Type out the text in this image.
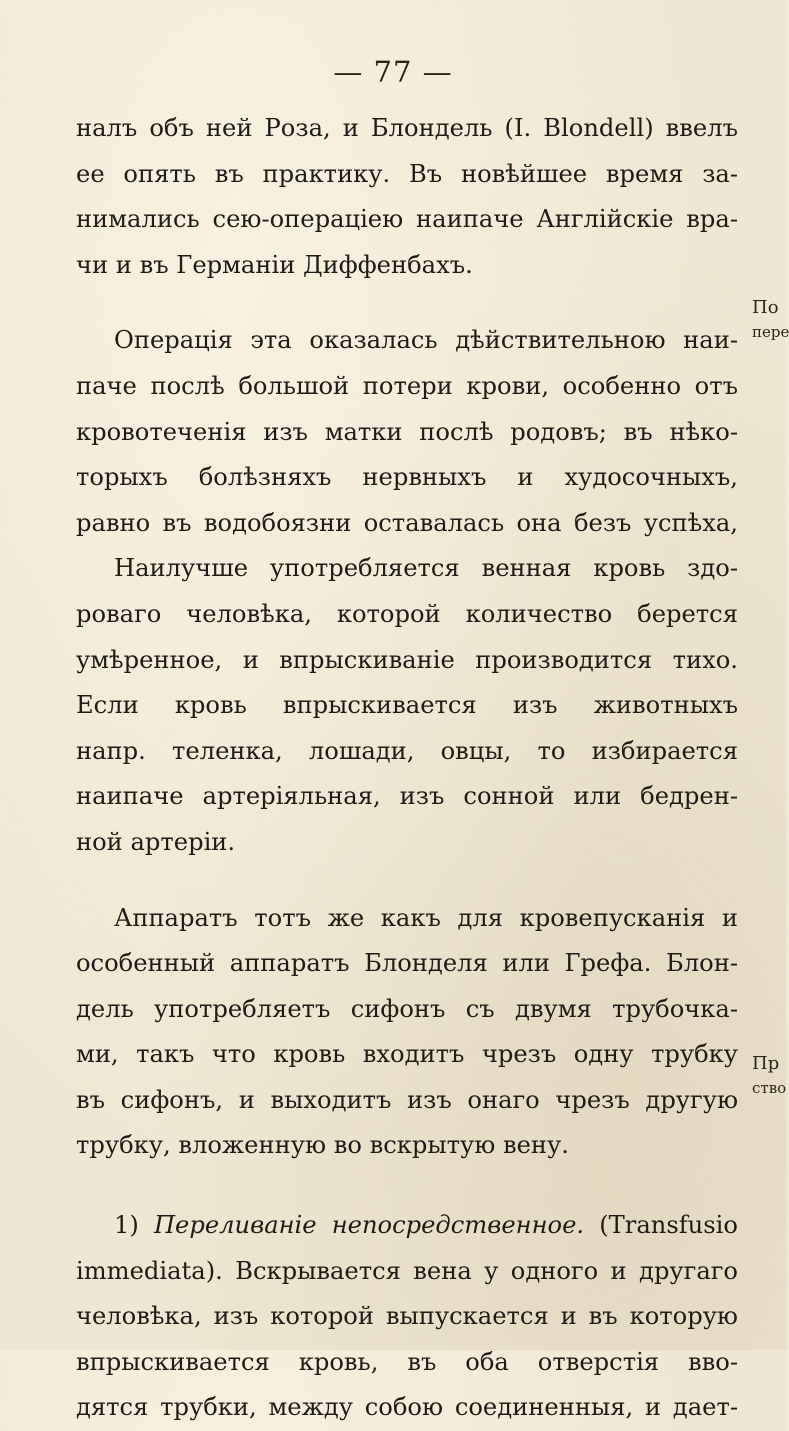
— 77 —

налъ объ ней Роза, и Блондель (I. Blondell) ввелъ
ее опять въ практику. Въ новѣйшее время за-
нимались сею-операціею наипаче Англійскіе вра-
чи и въ Германіи Диффенбахъ.

Операція эта оказалась дѣйствительною наи-
паче послѣ большой потери крови, особенно отъ
кровотеченія изъ матки послѣ родовъ; въ нѣко-
торыхъ болѣзняхъ нервныхъ и худосочныхъ,
равно въ водобоязни оставалась она безъ успѣха,

Наилучше употребляется венная кровь здо-
роваго человѣка, которой количество берется
умѣренное, и впрыскиваніе производится тихо.
Если кровь впрыскивается изъ животныхъ
напр. теленка, лошади, овцы, то избирается
наипаче артеріяльная, изъ сонной или бедрен-
ной артеріи.

Аппаратъ тотъ же какъ для кровепусканія и
особенный аппаратъ Блонделя или Грефа. Блон-
дель употребляетъ сифонъ съ двумя трубочка-
ми, такъ что кровь входитъ чрезъ одну трубку
въ сифонъ, и выходитъ изъ онаго чрезъ другую
трубку, вложенную во вскрытую вену.

1) Переливаніе непосредственное. (Transfusio
immediata). Вскрывается вена у одного и другаго
человѣка, изъ которой выпускается и въ которую
впрыскивается кровь, въ оба отверстія вво-
дятся трубки, между собою соединенныя, и дает-

По
пере
Пр
ство
